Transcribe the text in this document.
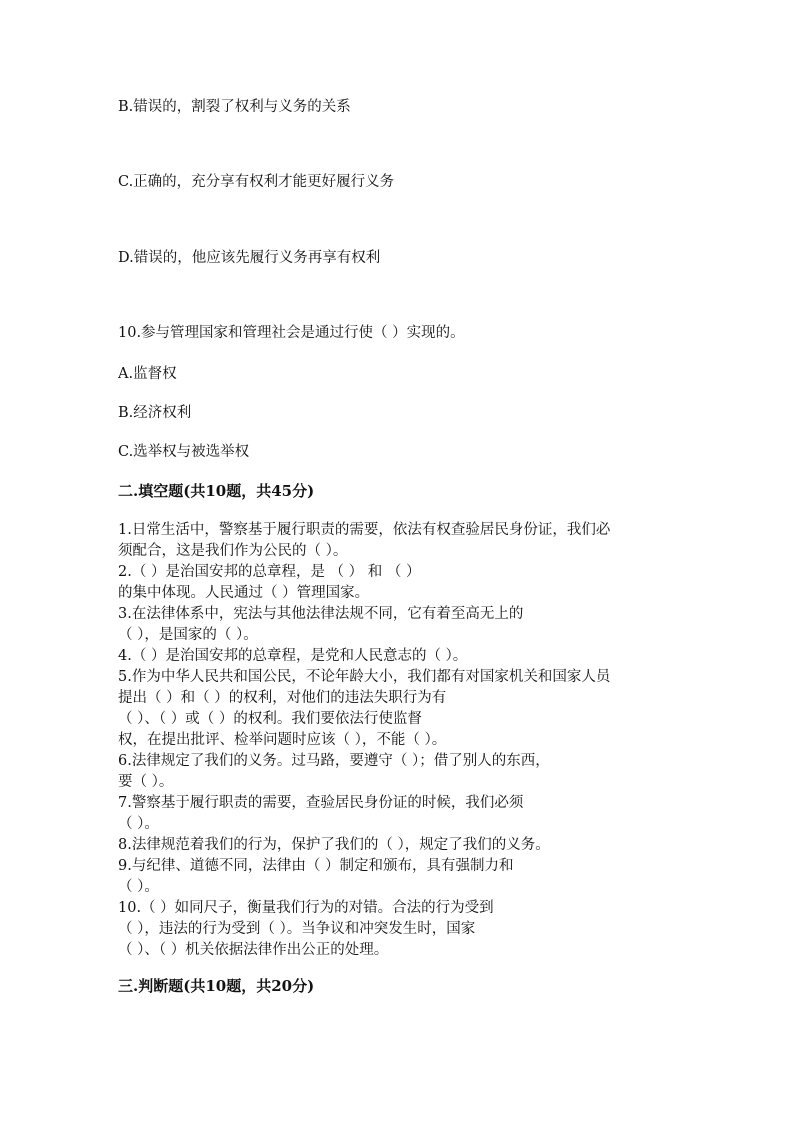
B.错误的，割裂了权利与义务的关系
C.正确的，充分享有权利才能更好履行义务
D.错误的，他应该先履行义务再享有权利
10.参与管理国家和管理社会是通过行使（ ）实现的。
A.监督权
B.经济权利
C.选举权与被选举权
二.填空题(共10题，共45分)
1.日常生活中，警察基于履行职责的需要，依法有权查验居民身份证，我们必
须配合，这是我们作为公民的（ ）。
2.（ ）是治国安邦的总章程，是 （ ） 和 （ ）
的集中体现。人民通过（ ）管理国家。
3.在法律体系中，宪法与其他法律法规不同，它有着至高无上的
（ ），是国家的（ ）。
4.（ ）是治国安邦的总章程，是党和人民意志的（ ）。
5.作为中华人民共和国公民，不论年龄大小，我们都有对国家机关和国家人员
提出（ ）和（ ）的权利，对他们的违法失职行为有
（ ）、（ ）或（ ）的权利。我们要依法行使监督
权，在提出批评、检举问题时应该（ ），不能（ ）。
6.法律规定了我们的义务。过马路，要遵守（ ）；借了别人的东西，
要（ ）。
7.警察基于履行职责的需要，查验居民身份证的时候，我们必须
（ ）。
8.法律规范着我们的行为，保护了我们的（ ），规定了我们的义务。
9.与纪律、道德不同，法律由（ ）制定和颁布，具有强制力和
（ ）。
10.（ ）如同尺子，衡量我们行为的对错。合法的行为受到
（ ），违法的行为受到（ ）。当争议和冲突发生时，国家
（ ）、（ ）机关依据法律作出公正的处理。
三.判断题(共10题，共20分)
